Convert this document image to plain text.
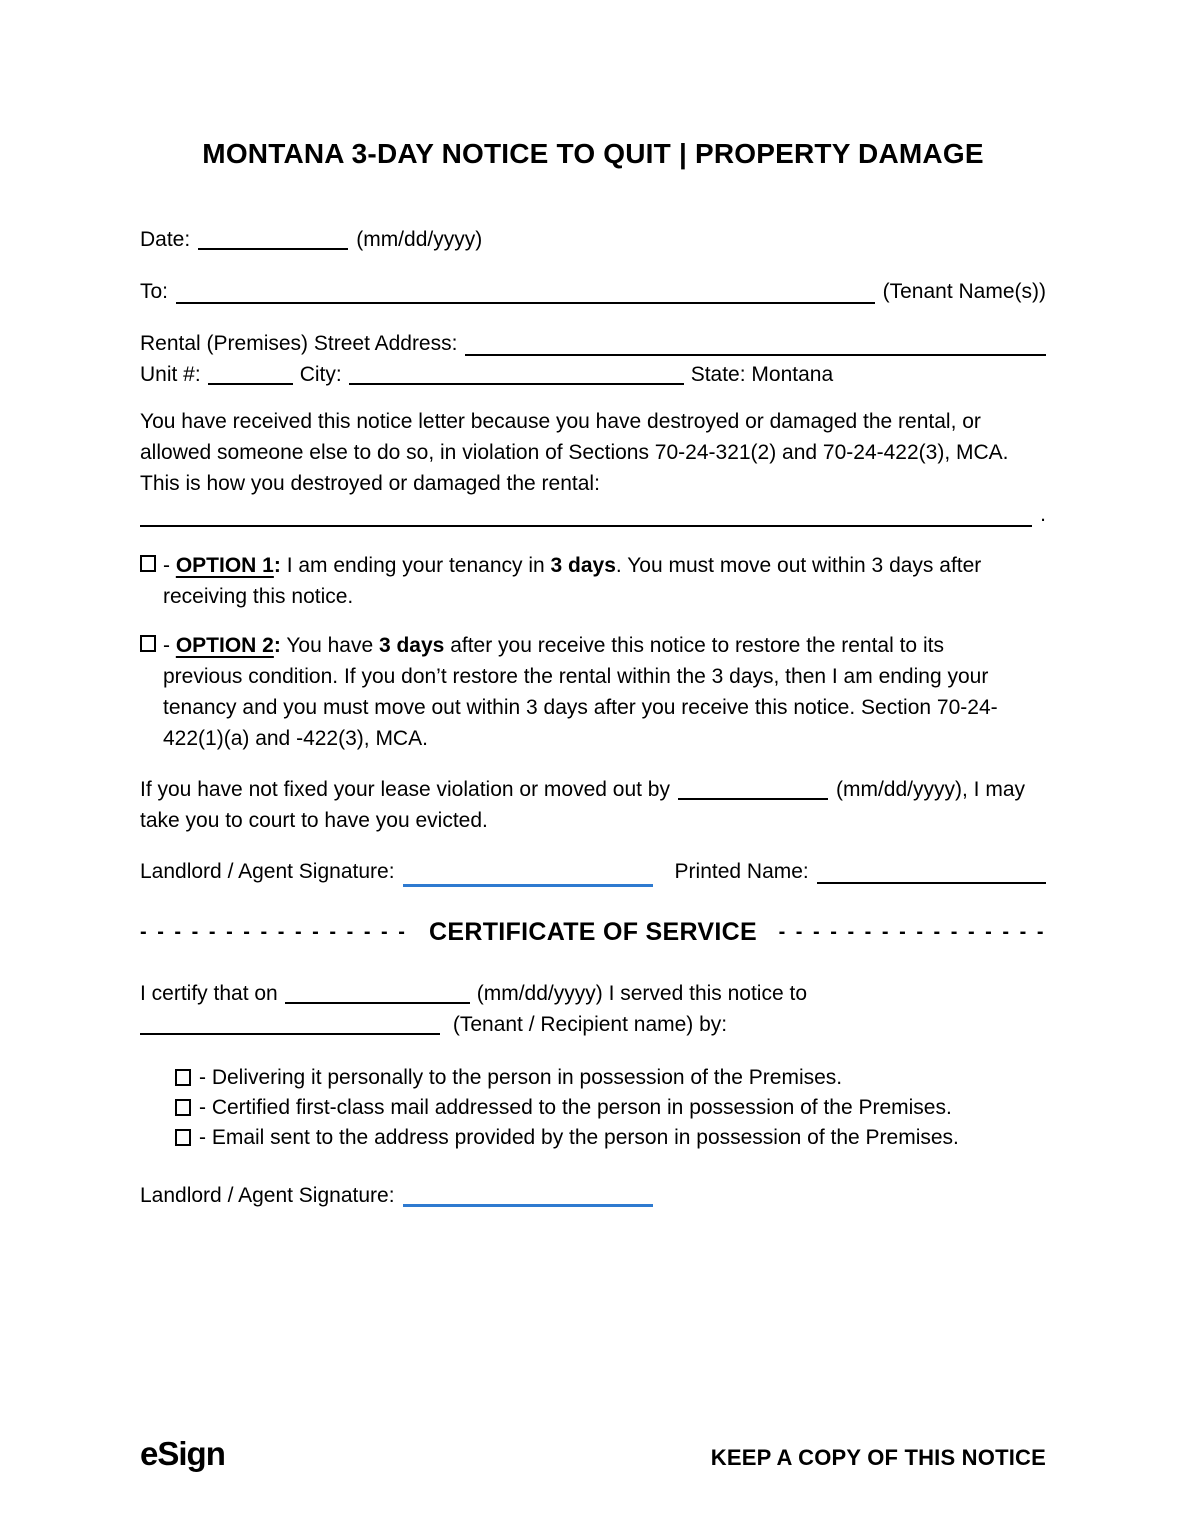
MONTANA 3-DAY NOTICE TO QUIT | PROPERTY DAMAGE
Date:	(mm/dd/yyyy)
To:	(Tenant Name(s))
Rental (Premises) Street Address:
Unit #:	City:	State: Montana

You have received this notice letter because you have destroyed or damaged the rental, or allowed someone else to do so, in violation of Sections 70-24-321(2) and 70-24-422(3), MCA. This is how you destroyed or damaged the rental:

.
- OPTION 1: I am ending your tenancy in 3 days. You must move out within 3 days after receiving this notice.
- OPTION 2: You have 3 days after you receive this notice to restore the rental to its previous condition. If you don’t restore the rental within the 3 days, then I am ending your tenancy and you must move out within 3 days after you receive this notice. Section 70-24-422(1)(a) and -422(3), MCA.

If you have not fixed your lease violation or moved out by	(mm/dd/yyyy), I may take you to court to have you evicted.

Landlord / Agent Signature:	Printed Name:
- - - - - - - - - - - - - - - - CERTIFICATE OF SERVICE - - - - - - - - - - - - - - - -
I certify that on	(mm/dd/yyyy) I served this notice to
(Tenant / Recipient name) by:
- Delivering it personally to the person in possession of the Premises.
- Certified first-class mail addressed to the person in possession of the Premises.
- Email sent to the address provided by the person in possession of the Premises.
Landlord / Agent Signature:
eSign	KEEP A COPY OF THIS NOTICE
